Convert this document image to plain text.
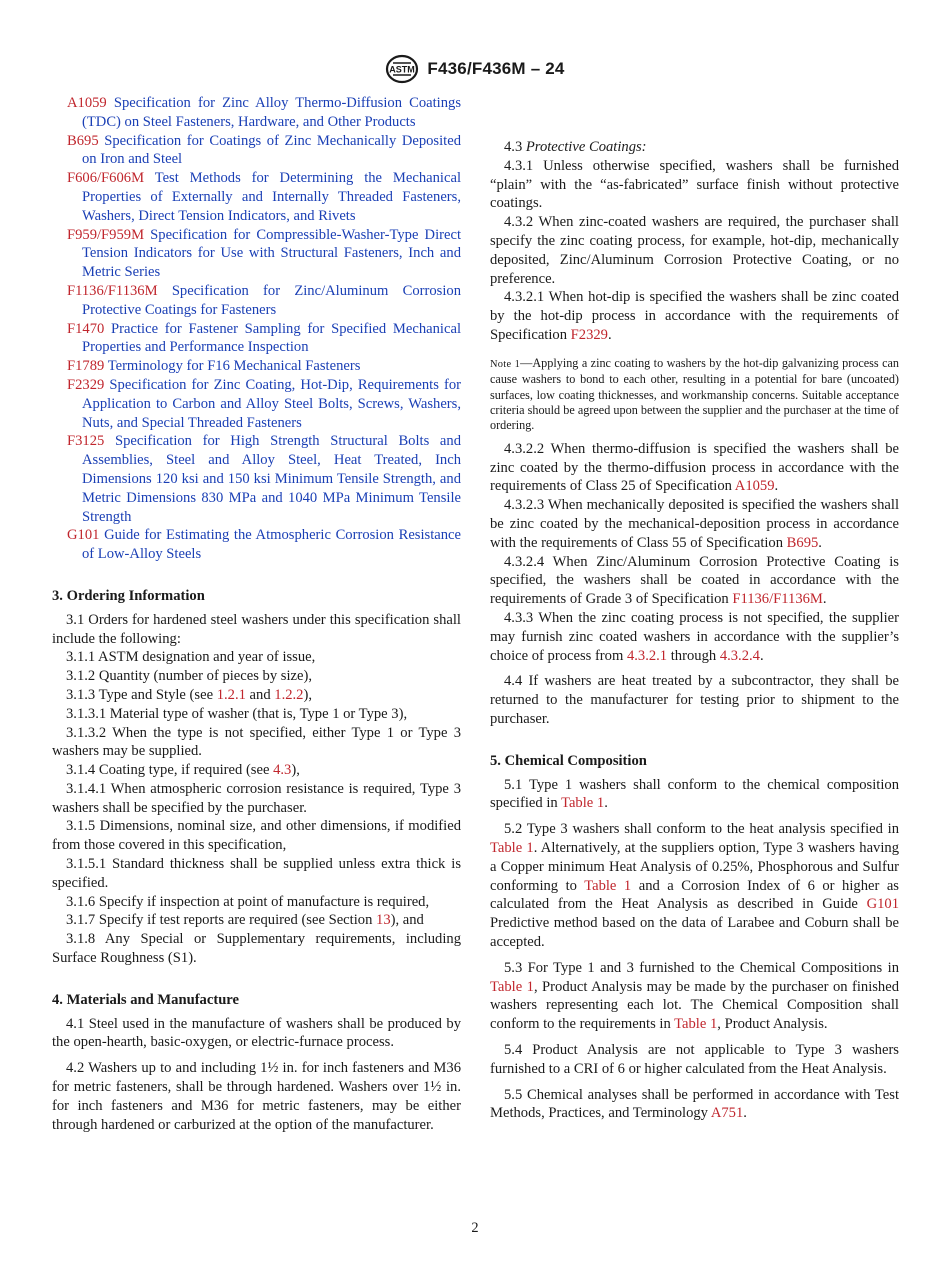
ASTM F436/F436M – 24
A1059 Specification for Zinc Alloy Thermo-Diffusion Coatings (TDC) on Steel Fasteners, Hardware, and Other Products
B695 Specification for Coatings of Zinc Mechanically Deposited on Iron and Steel
F606/F606M Test Methods for Determining the Mechanical Properties of Externally and Internally Threaded Fasteners, Washers, Direct Tension Indicators, and Rivets
F959/F959M Specification for Compressible-Washer-Type Direct Tension Indicators for Use with Structural Fasteners, Inch and Metric Series
F1136/F1136M Specification for Zinc/Aluminum Corrosion Protective Coatings for Fasteners
F1470 Practice for Fastener Sampling for Specified Mechanical Properties and Performance Inspection
F1789 Terminology for F16 Mechanical Fasteners
F2329 Specification for Zinc Coating, Hot-Dip, Requirements for Application to Carbon and Alloy Steel Bolts, Screws, Washers, Nuts, and Special Threaded Fasteners
F3125 Specification for High Strength Structural Bolts and Assemblies, Steel and Alloy Steel, Heat Treated, Inch Dimensions 120 ksi and 150 ksi Minimum Tensile Strength, and Metric Dimensions 830 MPa and 1040 MPa Minimum Tensile Strength
G101 Guide for Estimating the Atmospheric Corrosion Resistance of Low-Alloy Steels
3. Ordering Information

3.1 Orders for hardened steel washers under this specification shall include the following:

3.1.1 ASTM designation and year of issue,

3.1.2 Quantity (number of pieces by size),

3.1.3 Type and Style (see 1.2.1 and 1.2.2),

3.1.3.1 Material type of washer (that is, Type 1 or Type 3),

3.1.3.2 When the type is not specified, either Type 1 or Type 3 washers may be supplied.

3.1.4 Coating type, if required (see 4.3),

3.1.4.1 When atmospheric corrosion resistance is required, Type 3 washers shall be specified by the purchaser.

3.1.5 Dimensions, nominal size, and other dimensions, if modified from those covered in this specification,

3.1.5.1 Standard thickness shall be supplied unless extra thick is specified.

3.1.6 Specify if inspection at point of manufacture is required,

3.1.7 Specify if test reports are required (see Section 13), and

3.1.8 Any Special or Supplementary requirements, including Surface Roughness (S1).

4. Materials and Manufacture

4.1 Steel used in the manufacture of washers shall be produced by the open-hearth, basic-oxygen, or electric-furnace process.

4.2 Washers up to and including 1½ in. for inch fasteners and M36 for metric fasteners, shall be through hardened. Washers over 1½ in. for inch fasteners and M36 for metric fasteners, may be either through hardened or carburized at the option of the manufacturer.

4.3 Protective Coatings:

4.3.1 Unless otherwise specified, washers shall be furnished “plain” with the “as-fabricated” surface finish without protective coatings.

4.3.2 When zinc-coated washers are required, the purchaser shall specify the zinc coating process, for example, hot-dip, mechanically deposited, Zinc/Aluminum Corrosion Protective Coating, or no preference.

4.3.2.1 When hot-dip is specified the washers shall be zinc coated by the hot-dip process in accordance with the requirements of Specification F2329.

Note 1—Applying a zinc coating to washers by the hot-dip galvanizing process can cause washers to bond to each other, resulting in a potential for bare (uncoated) surfaces, low coating thicknesses, and workmanship concerns. Suitable acceptance criteria should be agreed upon between the supplier and the purchaser at the time of ordering.

4.3.2.2 When thermo-diffusion is specified the washers shall be zinc coated by the thermo-diffusion process in accordance with the requirements of Class 25 of Specification A1059.

4.3.2.3 When mechanically deposited is specified the washers shall be zinc coated by the mechanical-deposition process in accordance with the requirements of Class 55 of Specification B695.

4.3.2.4 When Zinc/Aluminum Corrosion Protective Coating is specified, the washers shall be coated in accordance with the requirements of Grade 3 of Specification F1136/F1136M.

4.3.3 When the zinc coating process is not specified, the supplier may furnish zinc coated washers in accordance with the supplier’s choice of process from 4.3.2.1 through 4.3.2.4.

4.4 If washers are heat treated by a subcontractor, they shall be returned to the manufacturer for testing prior to shipment to the purchaser.

5. Chemical Composition

5.1 Type 1 washers shall conform to the chemical composition specified in Table 1.

5.2 Type 3 washers shall conform to the heat analysis specified in Table 1. Alternatively, at the suppliers option, Type 3 washers having a Copper minimum Heat Analysis of 0.25%, Phosphorous and Sulfur conforming to Table 1 and a Corrosion Index of 6 or higher as calculated from the Heat Analysis as described in Guide G101 Predictive method based on the data of Larabee and Coburn shall be accepted.

5.3 For Type 1 and 3 furnished to the Chemical Compositions in Table 1, Product Analysis may be made by the purchaser on finished washers representing each lot. The Chemical Composition shall conform to the requirements in Table 1, Product Analysis.

5.4 Product Analysis are not applicable to Type 3 washers furnished to a CRI of 6 or higher calculated from the Heat Analysis.

5.5 Chemical analyses shall be performed in accordance with Test Methods, Practices, and Terminology A751.

2
